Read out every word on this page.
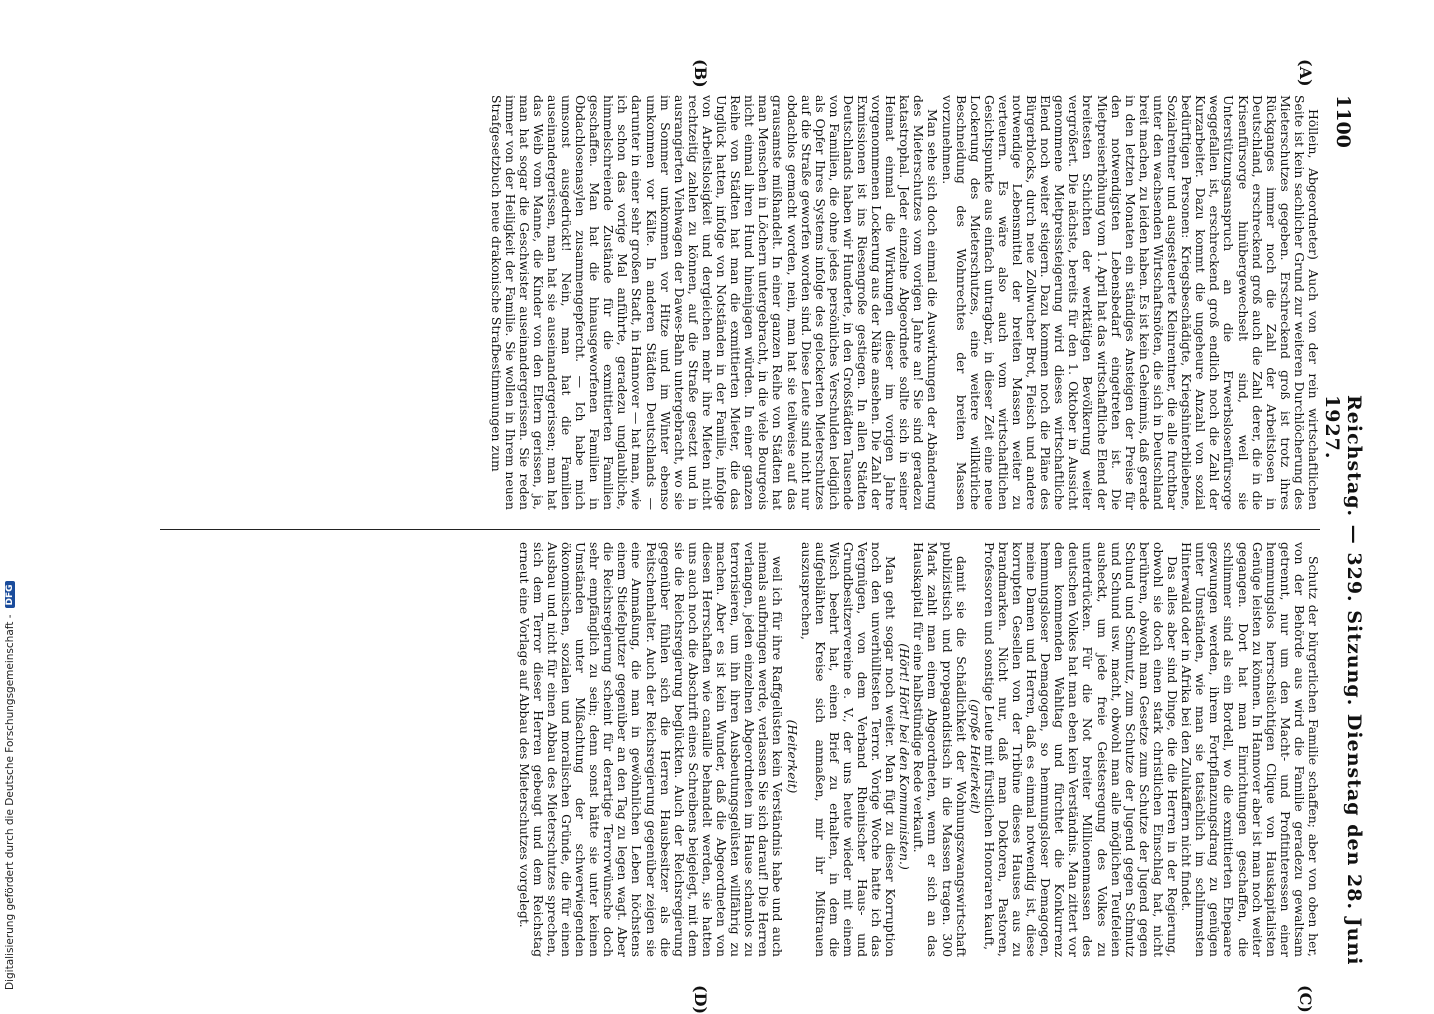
1100
Reichstag. — 329. Sitzung. Dienstag den 28. Juni 1927.

Höllein, Abgeordneter) Auch von der rein wirtschaftlichen Seite ist kein sachlicher Grund zur weiteren Durchlöcherung des Mieterschutzes gegeben. Erschreckend groß ist trotz ihres Rückganges immer noch die Zahl der Arbeitslosen in Deutschland, erschreckend groß auch die Zahl derer, die in die Krisenfürsorge hinübergewechselt sind, weil sie Unterstützungsanspruch an die Erwerbslosenfürsorge weggefallen ist, erschreckend groß endlich noch die Zahl der Kurzarbeiter. Dazu kommt die ungeheure Anzahl von sozial bedürftigen Personen: Kriegsbeschädigte, Kriegshinterbliebene, Sozialrentner und ausgesteuerte Kleinrentner, die alle furchtbar unter den wachsenden Wirtschaftsnöten, die sich in Deutschland breit machen, zu leiden haben. Es ist kein Geheimnis, daß gerade in den letzten Monaten ein ständiges Ansteigen der Preise für den notwendigsten Lebensbedarf eingetreten ist. Die Mietpreiserhöhung vom 1. April hat das wirtschaftliche Elend der breitesten Schichten der werktätigen Bevölkerung weiter vergrößert. Die nächste, bereits für den 1. Oktober in Aussicht genommene Mietpreissteigerung wird dieses wirtschaftliche Elend noch weiter steigern. Dazu kommen noch die Pläne des Bürgerblocks, durch neue Zollwucher Brot, Fleisch und andere notwendige Lebensmittel der breiten Massen weiter zu verteuern. Es wäre also auch vom wirtschaftlichen Gesichtspunkte aus einfach untragbar, in dieser Zeit eine neue Lockerung des Mieterschutzes, eine weitere willkürliche Beschneidung des Wohnrechtes der breiten Massen vorzunehmen.

Man sehe sich doch einmal die Auswirkungen der Abänderung des Mieterschutzes vom vorigen Jahre an! Sie sind geradezu katastrophal. Jeder einzelne Abgeordnete sollte sich in seiner Heimat einmal die Wirkungen dieser im vorigen Jahre vorgenommenen Lockerung aus der Nähe ansehen. Die Zahl der Exmissionen ist ins Riesengroße gestiegen. In allen Städten Deutschlands haben wir Hunderte, in den Großstädten Tausende von Familien, die ohne jedes persönliches Verschulden lediglich als Opfer Ihres Systems infolge des gelockerten Mieterschutzes auf die Straße geworfen worden sind. Diese Leute sind nicht nur obdachlos gemacht worden, nein, man hat sie teilweise auf das grausamste mißhandelt. In einer ganzen Reihe von Städten hat man Menschen in Löchern untergebracht, in die viele Bourgeois nicht einmal ihren Hund hineinjagen würden. In einer ganzen Reihe von Städten hat man die exmittierten Mieter, die das Unglück hatten, infolge von Notständen in der Familie, infolge von Arbeitslosigkeit und dergleichen mehr ihre Mieten nicht rechtzeitig zahlen zu können, auf die Straße gesetzt und in ausrangierten Viehwagen der Dawes-Bahn untergebracht, wo sie im Sommer umkommen vor Hitze und im Winter ebenso umkommen vor Kälte. In anderen Städten Deutschlands — darunter in einer sehr großen Stadt, in Hannover — hat man, wie ich schon das vorige Mal anführte, geradezu unglaubliche, himmelschreiende Zustände für die exmittierten Familien geschaffen. Man hat die hinausgeworfenen Familien in Obdachlosenasylen zusammengepfercht. — Ich habe mich umsonst ausgedrückt! Nein, man hat die Familien auseinandergerissen, man hat sie auseinandergerissen; man hat das Weib vom Manne, die Kinder von den Eltern gerissen, ja, man hat sogar die Geschwister auseinandergerissen. Sie reden immer von der Heiligkeit der Familie. Sie wollen in Ihrem neuen Strafgesetzbuch neue drakonische Strafbestimmungen zum

Schutz der bürgerlichen Familie schaffen; aber von oben her, von der Behörde aus wird die Familie geradezu gewaltsam getrennt, nur um den Macht- und Profitinteressen einer hemmungslos herrschsüchtigen Clique von Hauskapitalisten Genüge leisten zu können. In Hannover aber ist man noch weiter gegangen. Dort hat man Einrichtungen geschaffen, die schlimmer sind als ein Bordell, wo die exmittierten Ehepaare gezwungen werden, ihrem Fortpflanzungsdrang zu genügen unter Umständen, wie man sie tatsächlich im schlimmsten Hinterwald oder in Afrika bei den Zulukaffern nicht findet.

Das alles aber sind Dinge, die die Herren in der Regierung, obwohl sie doch einen stark christlichen Einschlag hat, nicht berühren, obwohl man Gesetze zum Schutze der Jugend gegen Schund und Schmutz, zum Schutze der Jugend gegen Schmutz und Schund usw. macht, obwohl man alle möglichen Teufeleien ausheckt, um jede freie Geistesregung des Volkes zu unterdrücken. Für die Not breiter Millionenmassen des deutschen Volkes hat man eben kein Verständnis. Man zittert vor dem kommenden Wahltag und fürchtet die Konkurrenz hemmungsloser Demagogen, so hemmungsloser Demagogen, meine Damen und Herren, daß es einmal notwendig ist, diese korrupten Gesellen von der Tribüne dieses Hauses aus zu brandmarken. Nicht nur, daß man Doktoren, Pastoren, Professoren und sonstige Leute mit fürstlichen Honoraren kauft,

(große Heiterkeit)

damit sie die Schädlichkeit der Wohnungszwangswirtschaft publizistisch und propagandistisch in die Massen tragen. 300 Mark zahlt man einem Abgeordneten, wenn er sich an das Hauskapital für eine halbstündige Rede verkauft.

(Hört! Hört! bei den Kommunisten.)

Man geht sogar noch weiter. Man fügt zu dieser Korruption noch den unverhülltesten Terror. Vorige Woche hatte ich das Vergnügen, von dem Verband Rheinischer Haus- und Grundbesitzervereine e. V., der uns heute wieder mit einem Wisch beehrt hat, einen Brief zu erhalten, in dem die aufgeblähten Kreise sich anmaßen, mir ihr Mißtrauen auszusprechen,

(Heiterkeit)

weil ich für ihre Raffgelüsten kein Verständnis habe und auch niemals aufbringen werde, verlassen Sie sich darauf! Die Herren verlangen, jeden einzelnen Abgeordneten im Hause schamlos zu terrorisieren, um ihn ihren Ausbeutungsgelüsten willfährig zu machen. Aber es ist kein Wunder, daß die Abgeordneten von diesen Herrschaften wie canaille behandelt werden, sie hatten uns auch noch die Abschrift eines Schreibens beigelegt, mit dem sie die Reichsregierung beglückten. Auch der Reichsregierung gegenüber fühlen sich die Herren Hausbesitzer als die Peitschenhalter. Auch der Reichsregierung gegenüber zeigen sie eine Anmaßung, die man in gewöhnlichen Leben höchstens einem Stiefelputzer gegenüber an den Tag zu legen wagt. Aber die Reichsregierung scheint für derartige Terrorwünsche doch sehr empfänglich zu sein; denn sonst hätte sie unter keinen Umständen unter Mißachtung der schwerwiegenden ökonomischen, sozialen und moralischen Gründe, die für einen Ausbau und nicht für einen Abbau des Mieterschutzes sprechen, sich dem Terror dieser Herren gebeugt und dem Reichstag erneut eine Vorlage auf Abbau des Mieterschutzes vorgelegt.

(A)
(B)
(C)
(D)
Digitalisierung gefördert durch die Deutsche Forschungsgemeinschaft -
DFG
